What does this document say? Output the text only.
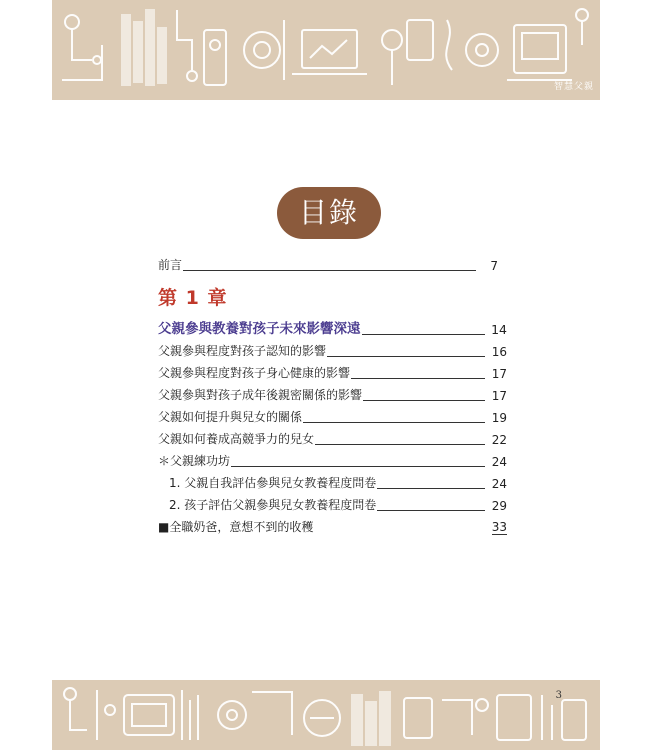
智慧父親
目錄
前言	7
第 1 章
父親參與教養對孩子未來影響深遠	14
父親參與程度對孩子認知的影響	16
父親參與程度對孩子身心健康的影響	17
父親參與對孩子成年後親密關係的影響	17
父親如何提升與兒女的關係	19
父親如何養成高競爭力的兒女	22
＊父親練功坊	24
1. 父親自我評估參與兒女教養程度問卷	24
2. 孩子評估父親參與兒女教養程度問卷	29
■全職奶爸，意想不到的收穫	33
3
